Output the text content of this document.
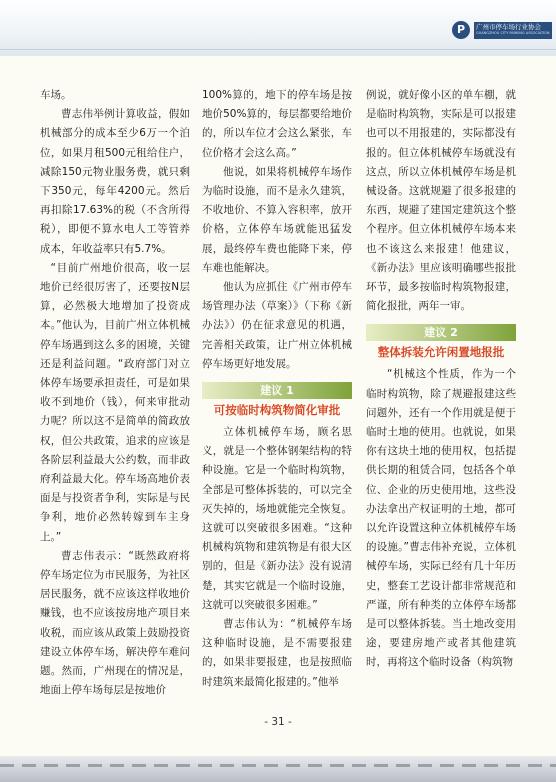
P	广州市停车场行业协会
GUANGZHOU CITY PARKING ASSOCIATION

车场。

曹志伟举例计算收益，假如机械部分的成本至少6万一个泊位，如果月租500元租给住户，减除150元物业服务费，就只剩下350元，每年4200元。然后再扣除17.63%的税（不含所得税），即便不算水电人工等管养成本，年收益率只有5.7%。

“目前广州地价很高，收一层地价已经很厉害了，还要按N层算，必然极大地增加了投资成本。”他认为，目前广州立体机械停车场遇到这么多的困境，关键还是利益问题。“政府部门对立体停车场要承担责任，可是如果收不到地价（钱），何来审批动力呢？所以这不是简单的简政放权，但公共政策，追求的应该是各阶层利益最大公约数，而非政府利益最大化。停车场高地价表面是与投资者争利，实际是与民争利，地价必然转嫁到车主身上。”

曹志伟表示：“既然政府将停车场定位为市民服务，为社区居民服务，就不应该这样收地价赚钱，也不应该按房地产项目来收税，而应该从政策上鼓励投资建设立体停车场，解决停车难问题。然而，广州现在的情况是，地面上停车场每层是按地价

100%算的，地下的停车场是按地价50%算的，每层都要给地价的，所以车位才会这么紧张，车位价格才会这么高。”

他说，如果将机械停车场作为临时设施，而不是永久建筑，不收地价、不算入容积率，放开价格，立体停车场就能迅猛发展，最终停车费也能降下来，停车难也能解决。

他认为应抓住《广州市停车场管理办法（草案）》（下称《新办法》）仍在征求意见的机遇，完善相关政策，让广州立体机械停车场更好地发展。

建议 1
可按临时构筑物简化审批

立体机械停车场，顾名思义，就是一个整体钢架结构的特种设施。它是一个临时构筑物，全部是可整体拆装的，可以完全灭失掉的，场地就能完全恢复。这就可以突破很多困难。“这种机械构筑物和建筑物是有很大区别的，但是《新办法》没有说清楚，其实它就是一个临时设施，这就可以突破很多困难。”

曹志伟认为：“机械停车场这种临时设施，是不需要报建的，如果非要报建，也是按照临时建筑来最简化报建的。”他举

例说，就好像小区的单车棚，就是临时构筑物，实际是可以报建也可以不用报建的，实际都没有报的。但立体机械停车场就没有这点，所以立体机械停车场是机械设备。这就规避了很多报建的东西，规避了建国定建筑这个整个程序。但立体机械停车场本来也不该这么来报建！他建议，《新办法》里应该明确哪些报批环节，最多按临时构筑物报建，简化报批，两年一审。

建议 2
整体拆装允许闲置地报批

“机械这个性质，作为一个临时构筑物，除了规避报建这些问题外，还有一个作用就是便于临时土地的使用。也就说，如果你有这块土地的使用权，包括提供长期的租赁合同，包括各个单位、企业的历史使用地，这些没办法拿出产权证明的土地，都可以允许设置这种立体机械停车场的设施。”曹志伟补充说，立体机械停车场，实际已经有几十年历史，整套工艺设计都非常规范和严谨，所有种类的立体停车场都是可以整体拆装。当土地改变用途，要建房地产或者其他建筑时，再将这个临时设备（构筑物

- 31 -
